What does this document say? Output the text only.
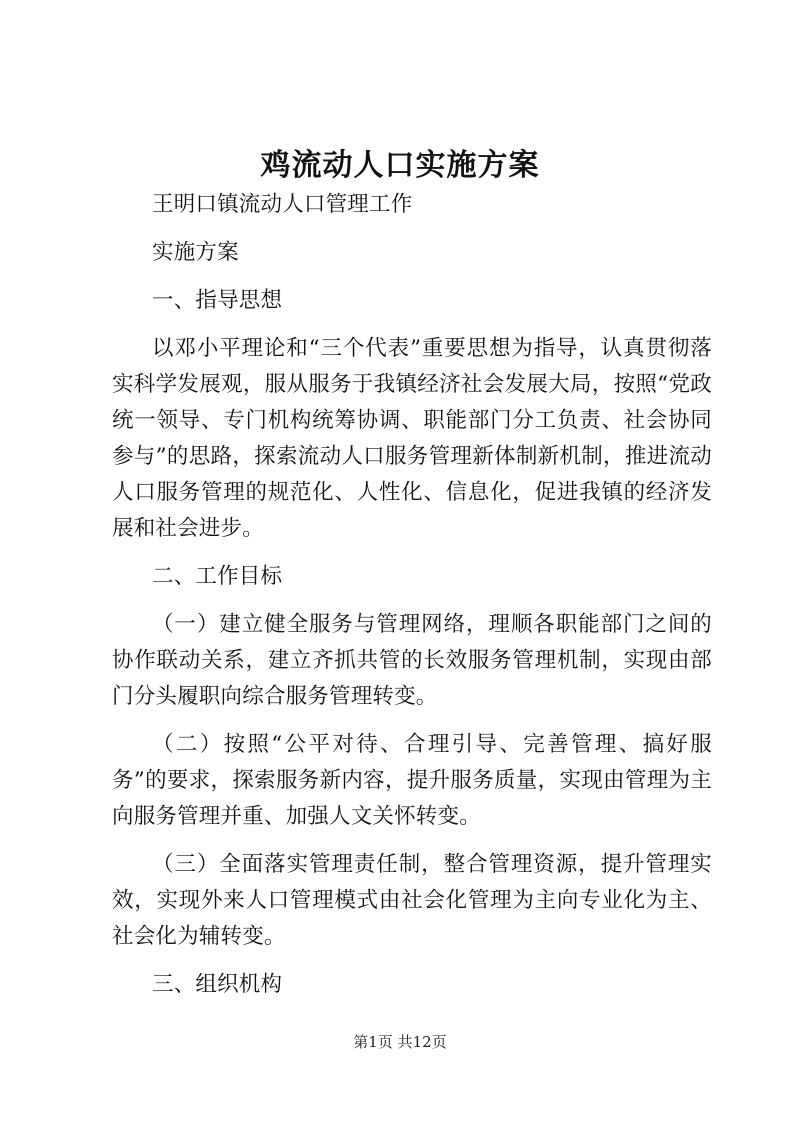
鸡流动人口实施方案

王明口镇流动人口管理工作

实施方案

一、指导思想

以邓小平理论和“三个代表”重要思想为指导，认真贯彻落实科学发展观，服从服务于我镇经济社会发展大局，按照“党政统一领导、专门机构统筹协调、职能部门分工负责、社会协同参与”的思路，探索流动人口服务管理新体制新机制，推进流动人口服务管理的规范化、人性化、信息化，促进我镇的经济发展和社会进步。

二、工作目标

（一）建立健全服务与管理网络，理顺各职能部门之间的协作联动关系，建立齐抓共管的长效服务管理机制，实现由部门分头履职向综合服务管理转变。

（二）按照“公平对待、合理引导、完善管理、搞好服务”的要求，探索服务新内容，提升服务质量，实现由管理为主向服务管理并重、加强人文关怀转变。

（三）全面落实管理责任制，整合管理资源，提升管理实效，实现外来人口管理模式由社会化管理为主向专业化为主、社会化为辅转变。

三、组织机构

第1页 共12页
